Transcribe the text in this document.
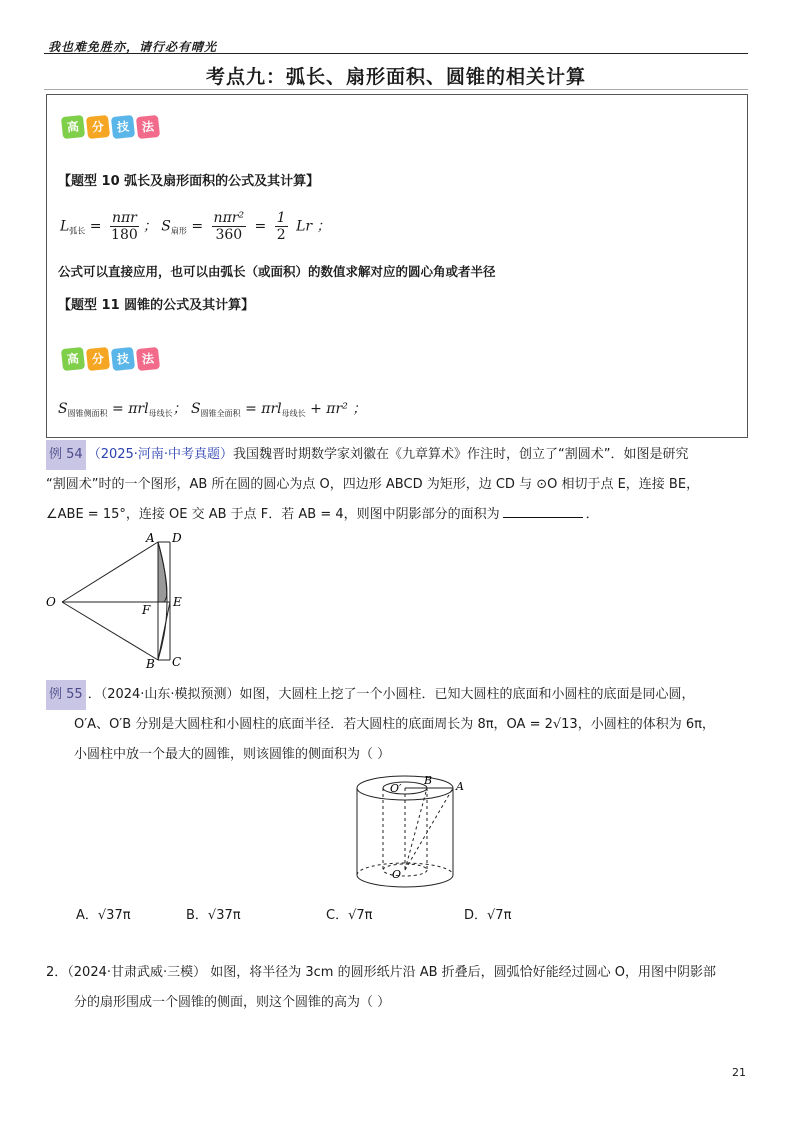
我也难免胜亦，请行必有晴光
考点九：弧长、扇形面积、圆锥的相关计算
高 分 技 法
【题型 10 弧长及扇形面积的公式及其计算】
$L_{弧长} = \frac{\text{nπr}}{180}$ ； $S_{扇形} = \frac{\text{nπr²}}{360} = \frac{1}{2}$ Lr ；
公式可以直接应用，也可以由弧长（或面积）的数值求解对应的圆心角或者半径
【题型 11 圆锥的公式及其计算】
高 分 技 法
$S_{圆锥侧面积} = \pi rl_{母线长}$； $S_{圆锥全面积} = \pi rl_{母线长} + \pi r^2$ ；
例 54 （2025·河南·中考真题）我国魏晋时期数学家刘徽在《九章算术》作注时，创立了“割圆术”．如图是研究
“割圆术”时的一个图形，AB 所在圆的圆心为点 O，四边形 ABCD 为矩形，边 CD 与 ⊙O 相切于点 E，连接 BE，
∠ABE = 15°，连接 OE 交 AB 于点 F．若 AB = 4，则图中阴影部分的面积为	．
A D
O
F
E
B C
例 55 ．（2024·山东·模拟预测）如图，大圆柱上挖了一个小圆柱．已知大圆柱的底面和小圆柱的底面是同心圆，
O′A、O′B 分别是大圆柱和小圆柱的底面半径．若大圆柱的底面周长为 8π，OA = 2√13，小圆柱的体积为 6π，
小圆柱中放一个最大的圆锥，则该圆锥的侧面积为（ ）
O′
B A
O
A．√37π	B．√37π	C．√7π	D．√7π
2．（2024·甘肃武威·三模） 如图，将半径为 3cm 的圆形纸片沿 AB 折叠后，圆弧恰好能经过圆心 O，用图中阴影部
分的扇形围成一个圆锥的侧面，则这个圆锥的高为（ ）
21
